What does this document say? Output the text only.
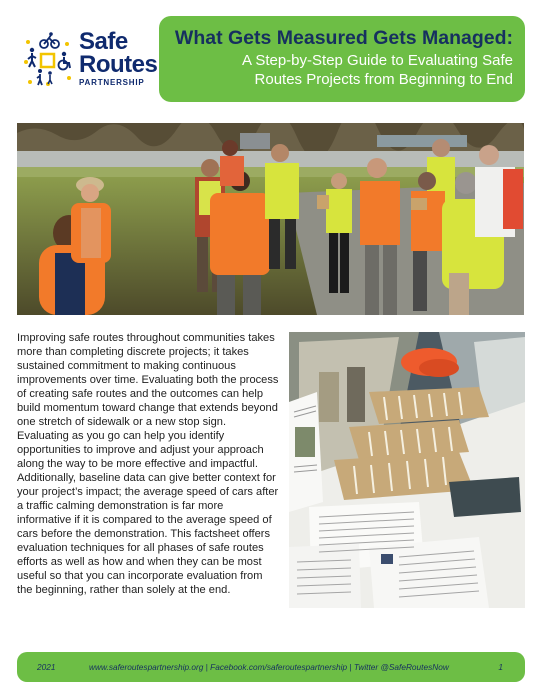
Safe
Routes
PARTNERSHIP
What Gets Measured Gets Managed:
A Step-by-Step Guide to Evaluating Safe
Routes Projects from Beginning to End

Improving safe routes throughout communities takes more than completing discrete projects; it takes sustained commitment to making continuous improvements over time. Evaluating both the process of creating safe routes and the outcomes can help build momentum toward change that extends beyond one stretch of sidewalk or a new stop sign. Evaluating as you go can help you identify opportunities to improve and adjust your approach along the way to be more effective and impactful. Additionally, baseline data can give better context for your project’s impact; the average speed of cars after a traffic calming demonstration is far more informative if it is compared to the average speed of cars before the demonstration. This factsheet offers evaluation techniques for all phases of safe routes efforts as well as how and when they can be most useful so that you can incorporate evaluation from the beginning, rather than solely at the end.

2021	www.saferoutespartnership.org | Facebook.com/saferoutespartnership | Twitter @SafeRoutesNow	1
